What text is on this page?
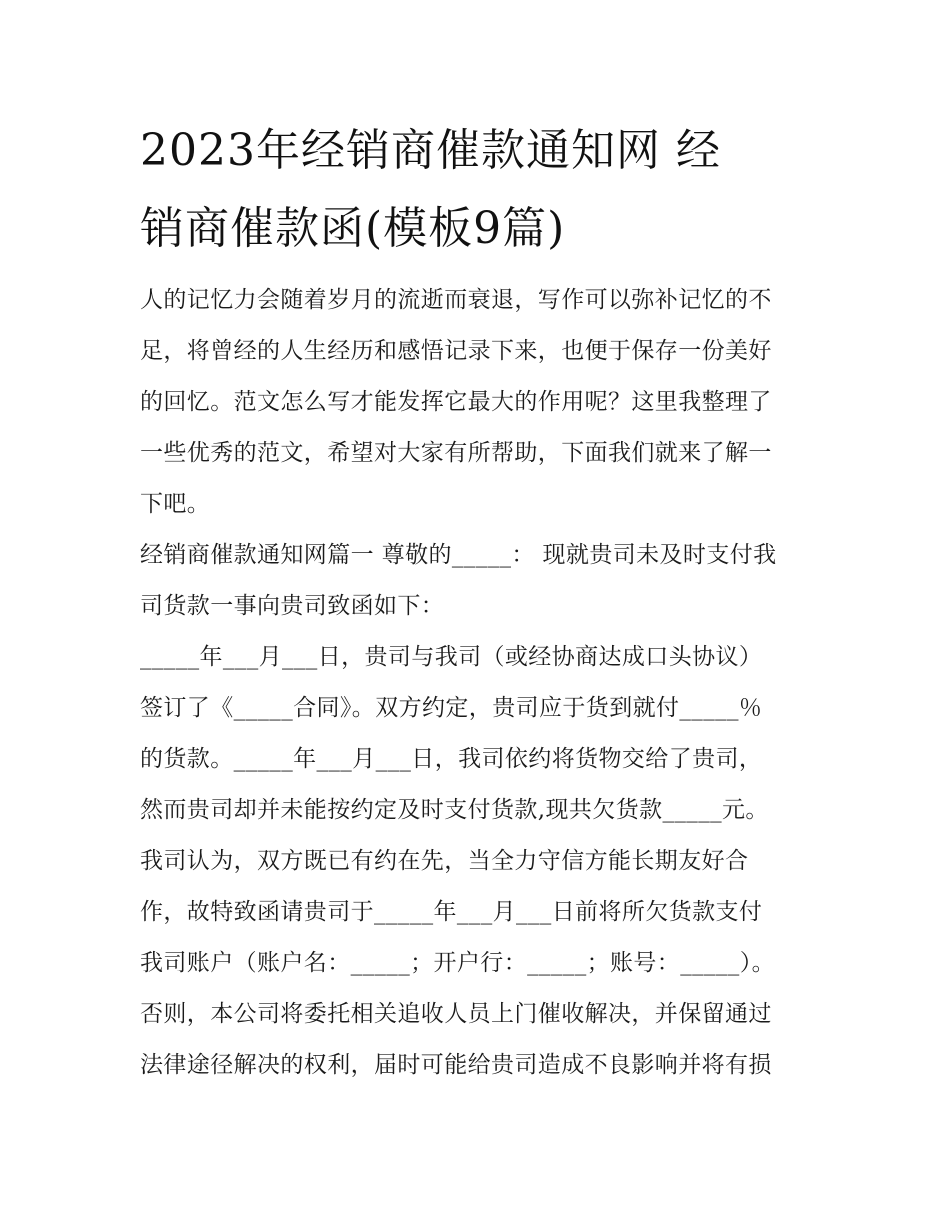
2023年经销商催款通知网 经
销商催款函(模板9篇)
人的记忆力会随着岁月的流逝而衰退，写作可以弥补记忆的不
足，将曾经的人生经历和感悟记录下来，也便于保存一份美好
的回忆。范文怎么写才能发挥它最大的作用呢？这里我整理了
一些优秀的范文，希望对大家有所帮助，下面我们就来了解一
下吧。
经销商催款通知网篇一 尊敬的_____： 现就贵司未及时支付我
司货款一事向贵司致函如下：
_____年___月___日，贵司与我司（或经协商达成口头协议）
签订了《_____合同》。双方约定，贵司应于货到就付_____％
的货款。_____年___月___日，我司依约将货物交给了贵司，
然而贵司却并未能按约定及时支付货款,现共欠货款_____元。
我司认为，双方既已有约在先，当全力守信方能长期友好合
作，故特致函请贵司于_____年___月___日前将所欠货款支付
我司账户（账户名：_____；开户行：_____；账号：_____）。
否则，本公司将委托相关追收人员上门催收解决，并保留通过
法律途径解决的权利，届时可能给贵司造成不良影响并将有损
